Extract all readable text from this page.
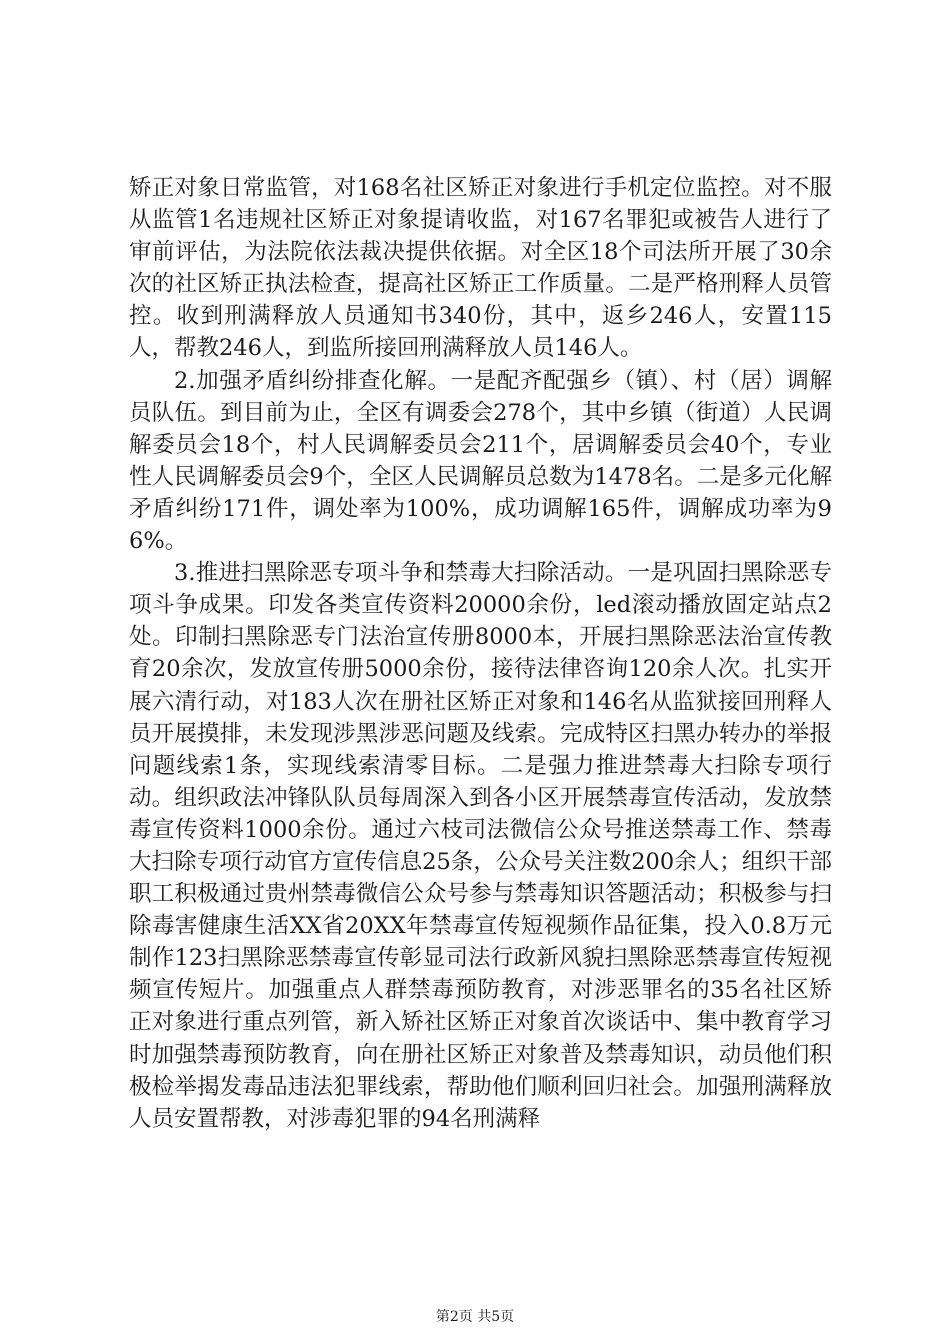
矫正对象日常监管，对168名社区矫正对象进行手机定位监控。对不服从监管1名违规社区矫正对象提请收监，对167名罪犯或被告人进行了审前评估，为法院依法裁决提供依据。对全区18个司法所开展了30余次的社区矫正执法检查，提高社区矫正工作质量。二是严格刑释人员管控。收到刑满释放人员通知书340份，其中，返乡246人，安置115人，帮教246人，到监所接回刑满释放人员146人。

2.加强矛盾纠纷排查化解。一是配齐配强乡（镇）、村（居）调解员队伍。到目前为止，全区有调委会278个，其中乡镇（街道）人民调解委员会18个，村人民调解委员会211个，居调解委员会40个，专业性人民调解委员会9个，全区人民调解员总数为1478名。二是多元化解矛盾纠纷171件，调处率为100%，成功调解165件，调解成功率为96%。

3.推进扫黑除恶专项斗争和禁毒大扫除活动。一是巩固扫黑除恶专项斗争成果。印发各类宣传资料20000余份，led滚动播放固定站点2处。印制扫黑除恶专门法治宣传册8000本，开展扫黑除恶法治宣传教育20余次，发放宣传册5000余份，接待法律咨询120余人次。扎实开展六清行动，对183人次在册社区矫正对象和146名从监狱接回刑释人员开展摸排，未发现涉黑涉恶问题及线索。完成特区扫黑办转办的举报问题线索1条，实现线索清零目标。二是强力推进禁毒大扫除专项行动。组织政法冲锋队队员每周深入到各小区开展禁毒宣传活动，发放禁毒宣传资料1000余份。通过六枝司法微信公众号推送禁毒工作、禁毒大扫除专项行动官方宣传信息25条，公众号关注数200余人；组织干部职工积极通过贵州禁毒微信公众号参与禁毒知识答题活动；积极参与扫除毒害健康生活XX省20XX年禁毒宣传短视频作品征集，投入0.8万元制作123扫黑除恶禁毒宣传彰显司法行政新风貌扫黑除恶禁毒宣传短视频宣传短片。加强重点人群禁毒预防教育，对涉恶罪名的35名社区矫正对象进行重点列管，新入矫社区矫正对象首次谈话中、集中教育学习时加强禁毒预防教育，向在册社区矫正对象普及禁毒知识，动员他们积极检举揭发毒品违法犯罪线索，帮助他们顺利回归社会。加强刑满释放人员安置帮教，对涉毒犯罪的94名刑满释

第2页 共5页
